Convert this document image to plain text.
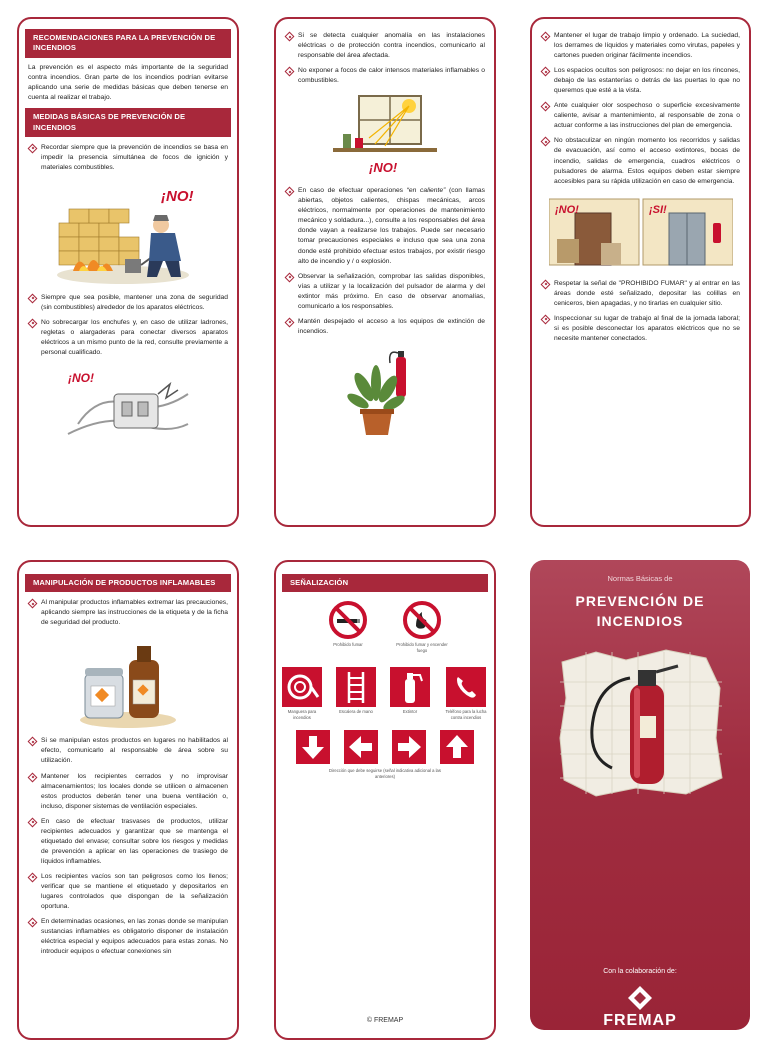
RECOMENDACIONES PARA LA PREVENCIÓN DE INCENDIOS
La prevención es el aspecto más importante de la seguridad contra incendios. Gran parte de los incendios podrían evitarse aplicando una serie de medidas básicas que deben tenerse en cuenta al realizar el trabajo.
MEDIDAS BÁSICAS DE PREVENCIÓN DE INCENDIOS
Recordar siempre que la prevención de incendios se basa en impedir la presencia simultánea de focos de ignición y materiales combustibles.
¡NO!
Siempre que sea posible, mantener una zona de seguridad (sin combustibles) alrededor de los aparatos eléctricos.
No sobrecargar los enchufes y, en caso de utilizar ladrones, regletas o alargaderas para conectar diversos aparatos eléctricos a un mismo punto de la red, consulte previamente a personal cualificado.
¡NO!
Si se detecta cualquier anomalía en las instalaciones eléctricas o de protección contra incendios, comunicarlo al responsable del área afectada.
No exponer a focos de calor intensos materiales inflamables o combustibles.
¡NO!
En caso de efectuar operaciones “en caliente” (con llamas abiertas, objetos calientes, chispas mecánicas, arcos eléctricos, normalmente por operaciones de mantenimiento mecánico y soldadura...), consulte a los responsables del área donde vayan a realizarse los trabajos. Puede ser necesario tomar precauciones especiales e incluso que sea una zona donde esté prohibido efectuar estos trabajos, por existir riesgo alto de incendio y / o explosión.
Observar la señalización, comprobar las salidas disponibles, vías a utilizar y la localización del pulsador de alarma y del extintor más próximo. En caso de observar anomalías, comunicarlo a los responsables.
Mantén despejado el acceso a los equipos de extinción de incendios.
Mantener el lugar de trabajo limpio y ordenado. La suciedad, los derrames de líquidos y materiales como virutas, papeles y cartones pueden originar fácilmente incendios.
Los espacios ocultos son peligrosos: no dejar en los rincones, debajo de las estanterías o detrás de las puertas lo que no queremos que esté a la vista.
Ante cualquier olor sospechoso o superficie excesivamente caliente, avisar a mantenimiento, al responsable de zona o actuar conforme a las instrucciones del plan de emergencia.
No obstaculizar en ningún momento los recorridos y salidas de evacuación, así como el acceso extintores, bocas de incendio, salidas de emergencia, cuadros eléctricos o pulsadores de alarma. Estos equipos deben estar siempre accesibles para su rápida utilización en caso de emergencia.
¡NO!	¡SI!
Respetar la señal de "PROHIBIDO FUMAR" y al entrar en las áreas donde esté señalizado, depositar las colillas en ceniceros, bien apagadas, y no tirarlas en cualquier sitio.
Inspeccionar su lugar de trabajo al final de la jornada laboral; si es posible desconectar los aparatos eléctricos que no se necesite mantener conectados.
MANIPULACIÓN DE PRODUCTOS INFLAMABLES
Al manipular productos inflamables extremar las precauciones, aplicando siempre las instrucciones de la etiqueta y de la ficha de seguridad del producto.
Si se manipulan estos productos en lugares no habilitados al efecto, comunicarlo al responsable de área sobre su utilización.
Mantener los recipientes cerrados y no improvisar almacenamientos; los locales donde se utilicen o almacenen estos productos deberán tener una buena ventilación o, incluso, disponer sistemas de ventilación especiales.
En caso de efectuar trasvases de productos, utilizar recipientes adecuados y garantizar que se mantenga el etiquetado del envase; consultar sobre los riesgos y medidas de prevención a aplicar en las operaciones de trasiego de líquidos inflamables.
Los recipientes vacíos son tan peligrosos como los llenos; verificar que se mantiene el etiquetado y depositarlos en lugares controlados que dispongan de la señalización oportuna.
En determinadas ocasiones, en las zonas donde se manipulan sustancias inflamables es obligatorio disponer de instalación eléctrica especial y equipos adecuados para estas zonas. No introducir equipos o efectuar conexiones sin
SEÑALIZACIÓN
Prohibido fumar	Prohibido fumar y encender fuego
Manguera para incendios
Escalera de mano	Extintor	Teléfono para la lucha contra incendios
Dirección que debe seguirse (señal indicativa adicional a las anteriores)
© FREMAP
Normas Básicas de
PREVENCIÓN DE
INCENDIOS
Con la colaboración de:
FREMAP
